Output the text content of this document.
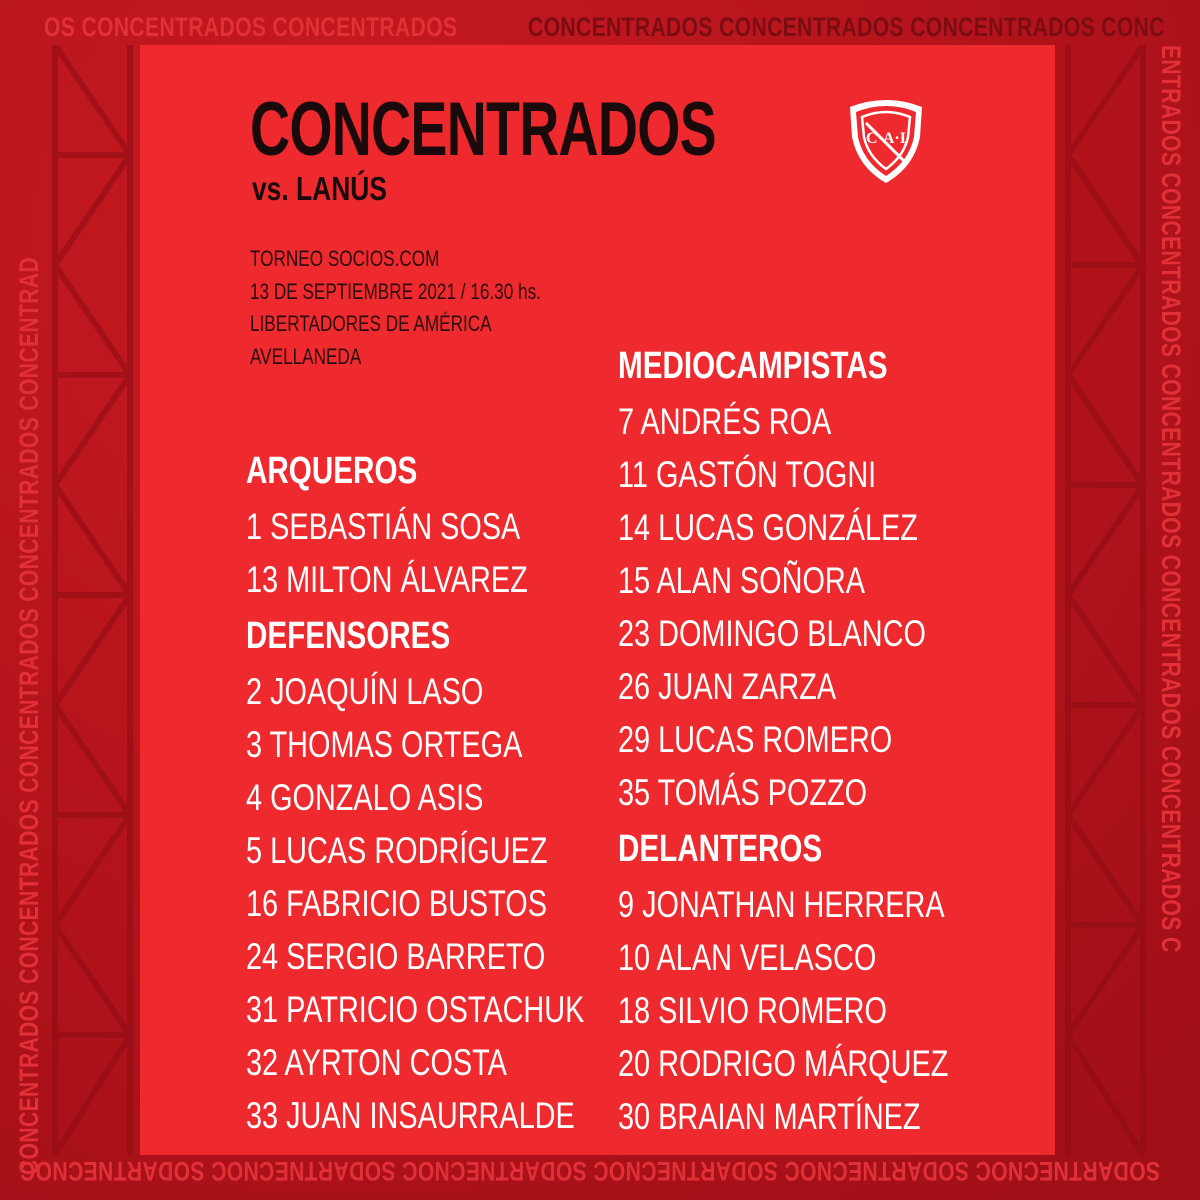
OS CONCENTRADOS CONCENTRADOS	CONCENTRADOS CONCENTRADOS CONCENTRADOS CONC
SODARTNECNOC SODARTNECNOC SODARTNECNOC SODARTNECNOC SODARTNECNOC SODARTNECNOC
CONCENTRADOS CONCENTRADOS CONCENTRADOS CONCENTRADOS CONCENTRAD	ENTRADOS CONCENTRADOS CONCENTRADOS CONCENTRADOS CONCENTRADOS C
CONCENTRADOS
vs. LANÚS
TORNEO SOCIOS.COM
13 DE SEPTIEMBRE 2021 / 16.30 hs.
LIBERTADORES DE AMÉRICA
AVELLANEDA
C·A·I
ARQUEROS
1 SEBASTIÁN SOSA
13 MILTON ÁLVAREZ
DEFENSORES
2 JOAQUÍN LASO
3 THOMAS ORTEGA
4 GONZALO ASIS
5 LUCAS RODRÍGUEZ
16 FABRICIO BUSTOS
24 SERGIO BARRETO
31 PATRICIO OSTACHUK
32 AYRTON COSTA
33 JUAN INSAURRALDE
MEDIOCAMPISTAS
7 ANDRÉS ROA
11 GASTÓN TOGNI
14 LUCAS GONZÁLEZ
15 ALAN SOÑORA
23 DOMINGO BLANCO
26 JUAN ZARZA
29 LUCAS ROMERO
35 TOMÁS POZZO
DELANTEROS
9 JONATHAN HERRERA
10 ALAN VELASCO
18 SILVIO ROMERO
20 RODRIGO MÁRQUEZ
30 BRAIAN MARTÍNEZ
